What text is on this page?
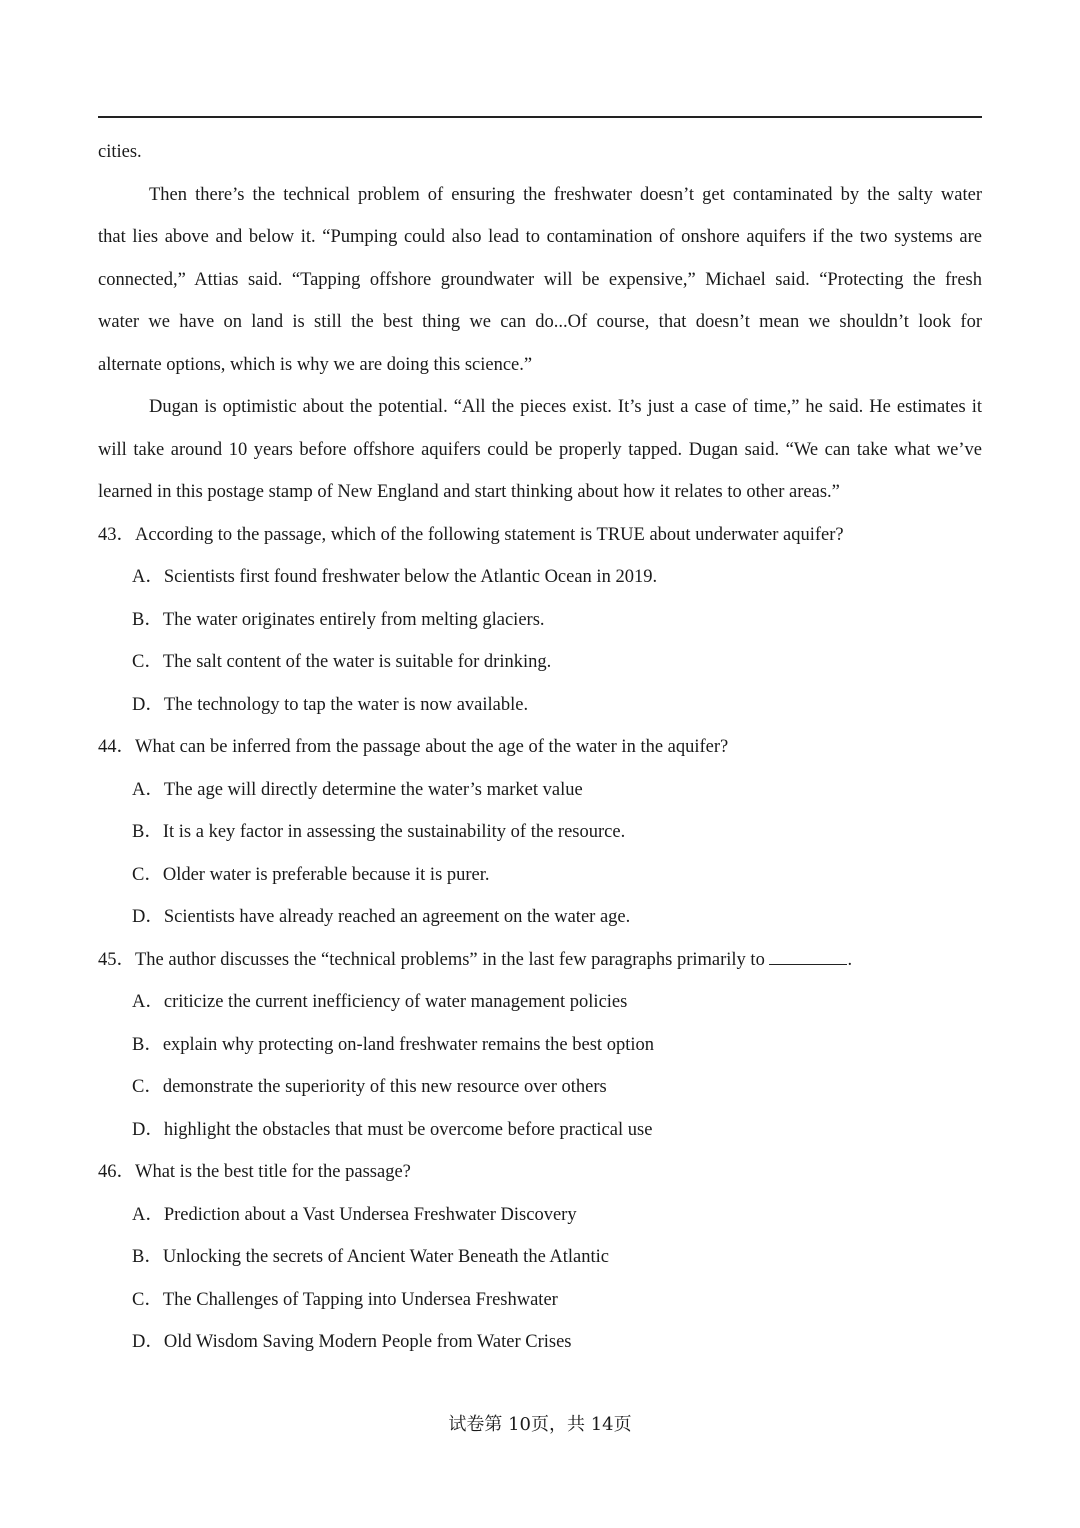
cities.
Then there’s the technical problem of ensuring the freshwater doesn’t get contaminated by the salty water
that lies above and below it. “Pumping could also lead to contamination of onshore aquifers if the two systems are
connected,” Attias said. “Tapping offshore groundwater will be expensive,” Michael said. “Protecting the fresh
water we have on land is still the best thing we can do...Of course, that doesn’t mean we shouldn’t look for
alternate options, which is why we are doing this science.”
Dugan is optimistic about the potential. “All the pieces exist. It’s just a case of time,” he said. He estimates it
will take around 10 years before offshore aquifers could be properly tapped. Dugan said. “We can take what we’ve
learned in this postage stamp of New England and start thinking about how it relates to other areas.”
43．According to the passage, which of the following statement is TRUE about underwater aquifer?
A．Scientists first found freshwater below the Atlantic Ocean in 2019.
B．The water originates entirely from melting glaciers.
C．The salt content of the water is suitable for drinking.
D．The technology to tap the water is now available.
44．What can be inferred from the passage about the age of the water in the aquifer?
A．The age will directly determine the water’s market value
B．It is a key factor in assessing the sustainability of the resource.
C．Older water is preferable because it is purer.
D．Scientists have already reached an agreement on the water age.
45．The author discusses the “technical problems” in the last few paragraphs primarily to	.
A．criticize the current inefficiency of water management policies
B．explain why protecting on-land freshwater remains the best option
C．demonstrate the superiority of this new resource over others
D．highlight the obstacles that must be overcome before practical use
46．What is the best title for the passage?
A．Prediction about a Vast Undersea Freshwater Discovery
B．Unlocking the secrets of Ancient Water Beneath the Atlantic
C．The Challenges of Tapping into Undersea Freshwater
D．Old Wisdom Saving Modern People from Water Crises
试卷第 10页，共 14页
